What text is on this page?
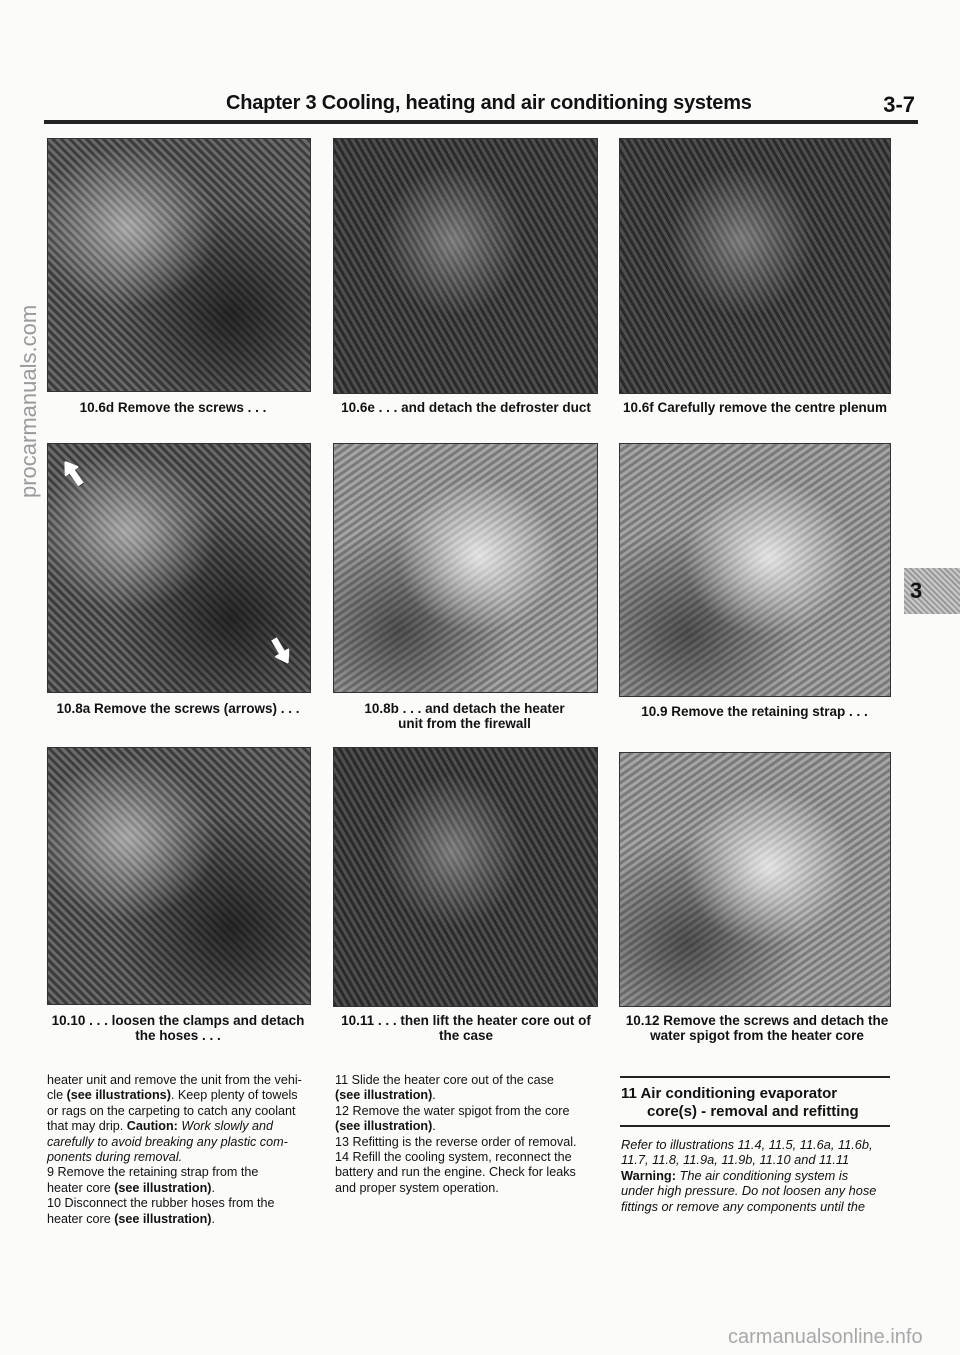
Chapter 3 Cooling, heating and air conditioning systems	3-7
10.6d Remove the screws . . .	10.6e . . . and detach the defroster duct	10.6f Carefully remove the centre plenum
10.8a Remove the screws (arrows) . . .	10.8b . . . and detach the heater
unit from the firewall
10.9 Remove the retaining strap . . .
10.10 . . . loosen the clamps and detach
the hoses . . .
10.11 . . . then lift the heater core out of
the case
10.12 Remove the screws and detach the
water spigot from the heater core

heater unit and remove the unit from the vehi-

cle (see illustrations). Keep plenty of towels

or rags on the carpeting to catch any coolant

that may drip. Caution: Work slowly and

carefully to avoid breaking any plastic com-

ponents during removal.

9 Remove the retaining strap from the

heater core (see illustration).

10 Disconnect the rubber hoses from the

heater core (see illustration).

11 Slide the heater core out of the case

(see illustration).

12 Remove the water spigot from the core

(see illustration).

13 Refitting is the reverse order of removal.

14 Refill the cooling system, reconnect the

battery and run the engine. Check for leaks

and proper system operation.

11 Air conditioning evaporator
core(s) - removal and refitting

Refer to illustrations 11.4, 11.5, 11.6a, 11.6b,

11.7, 11.8, 11.9a, 11.9b, 11.10 and 11.11

Warning: The air conditioning system is

under high pressure. Do not loosen any hose

fittings or remove any components until the

3
procarmanuals.com
carmanualsonline.info
